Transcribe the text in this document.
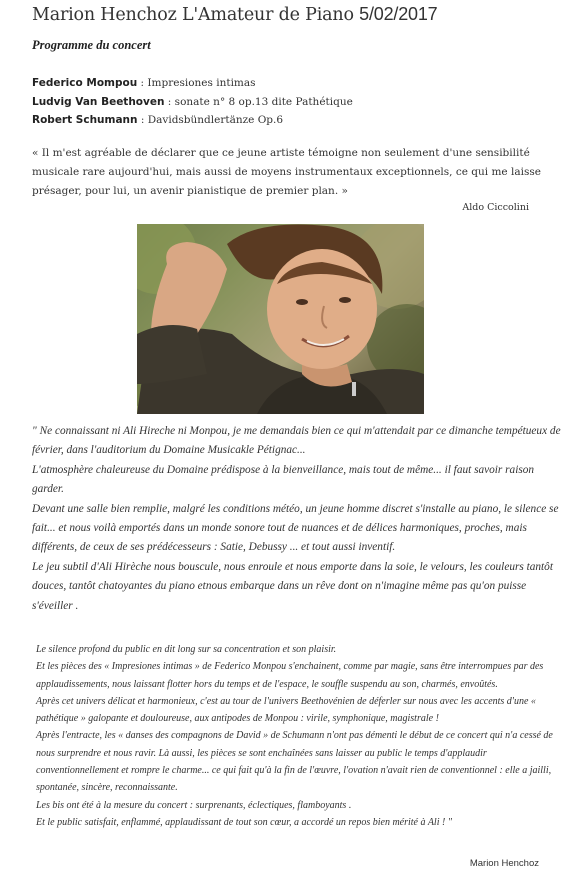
Marion Henchoz L'Amateur de Piano 5/02/2017
Programme du concert
Federico Mompou : Impresiones intimas
Ludvig Van Beethoven : sonate n° 8 op.13 dite Pathétique
Robert Schumann : Davidsbündlertänze Op.6
« Il m'est agréable de déclarer que ce jeune artiste témoigne non seulement d'une sensibilité musicale rare aujourd'hui, mais aussi de moyens instrumentaux exceptionnels, ce qui me laisse présager, pour lui, un avenir pianistique de premier plan. »
Aldo Ciccolini

" Ne connaissant ni Ali Hireche ni Monpou, je me demandais bien ce qui m'attendait par ce dimanche tempétueux de février, dans l'auditorium du Domaine Musicakle Pétignac...

L'atmosphère chaleureuse du Domaine prédispose à la bienveillance, mais tout de même... il faut savoir raison garder.

Devant une salle bien remplie, malgré les conditions météo, un jeune homme discret s'installe au piano, le silence se fait... et nous voilà emportés dans un monde sonore tout de nuances et de délices harmoniques, proches, mais différents, de ceux de ses prédécesseurs : Satie, Debussy ... et tout aussi inventif.

Le jeu subtil d'Ali Hirèche nous bouscule, nous enroule et nous emporte dans la soie, le velours, les couleurs tantôt douces, tantôt chatoyantes du piano etnous embarque dans un rêve dont on n'imagine même pas qu'on puisse s'éveiller .

Le silence profond du public en dit long sur sa concentration et son plaisir.

Et les pièces des « Impresiones intimas » de Federico Monpou s'enchainent, comme par magie, sans être interrompues par des applaudissements, nous laissant flotter hors du temps et de l'espace, le souffle suspendu au son, charmés, envoûtés.

Après cet univers délicat et harmonieux, c'est au tour de l'univers Beethovénien de déferler sur nous avec les accents d'une « pathétique » galopante et douloureuse, aux antipodes de Monpou : virile, symphonique, magistrale !

Après l'entracte, les « danses des compagnons de David » de Schumann n'ont pas démenti le début de ce concert qui n'a cessé de nous surprendre et nous ravir. Là aussi, les pièces se sont enchaînées sans laisser au public le temps d'applaudir conventionnellement et rompre le charme... ce qui fait qu'à la fin de l'œuvre, l'ovation n'avait rien de conventionnel : elle a jailli, spontanée, sincère, reconnaissante.

Les bis ont été à la mesure du concert : surprenants, éclectiques, flamboyants .

Et le public satisfait, enflammé, applaudissant de tout son cœur, a accordé un repos bien mérité à Ali ! "

Marion Henchoz
